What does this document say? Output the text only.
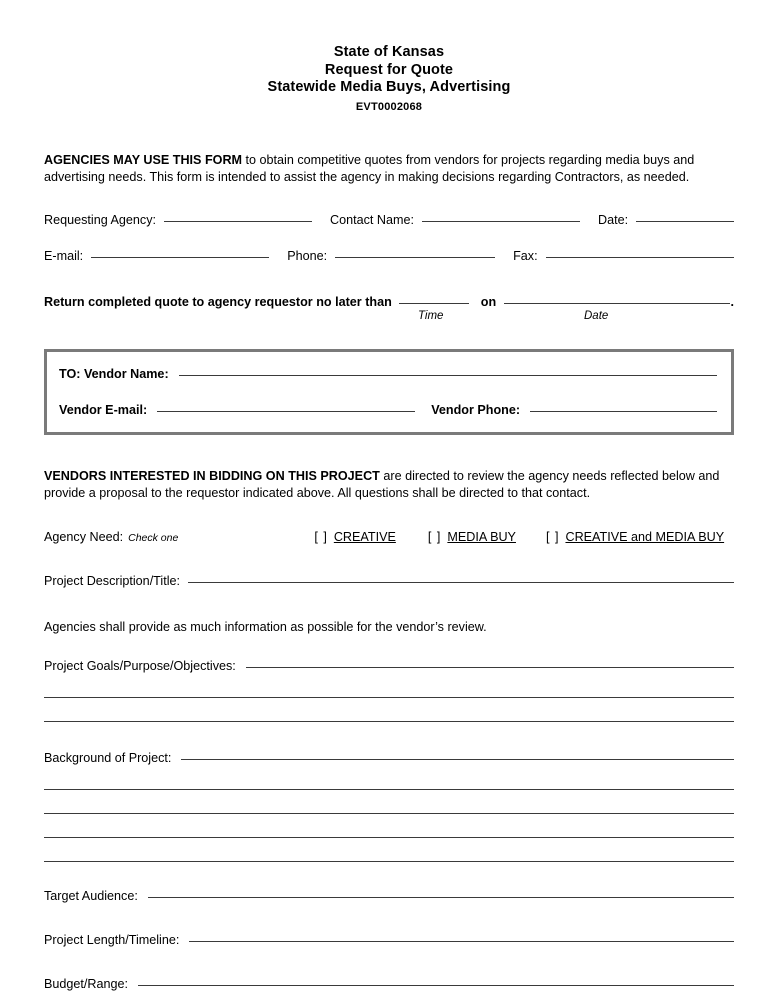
State of Kansas
Request for Quote
Statewide Media Buys, Advertising
EVT0002068
AGENCIES MAY USE THIS FORM to obtain competitive quotes from vendors for projects regarding media buys and advertising needs. This form is intended to assist the agency in making decisions regarding Contractors, as needed.
Requesting Agency:	Contact Name:	Date:
E-mail:	Phone:	Fax:
Return completed quote to agency requestor no later than	on	.
Time	Date
TO: Vendor Name:
Vendor E-mail:	Vendor Phone:
VENDORS INTERESTED IN BIDDING ON THIS PROJECT are directed to review the agency needs reflected below and provide a proposal to the requestor indicated above. All questions shall be directed to that contact.
Agency Need: Check one	[ ] CREATIVE	[ ] MEDIA BUY [ ] CREATIVE and MEDIA BUY
Project Description/Title:
Agencies shall provide as much information as possible for the vendor’s review.
Project Goals/Purpose/Objectives:
Background of Project:
Target Audience:
Project Length/Timeline:
Budget/Range:
